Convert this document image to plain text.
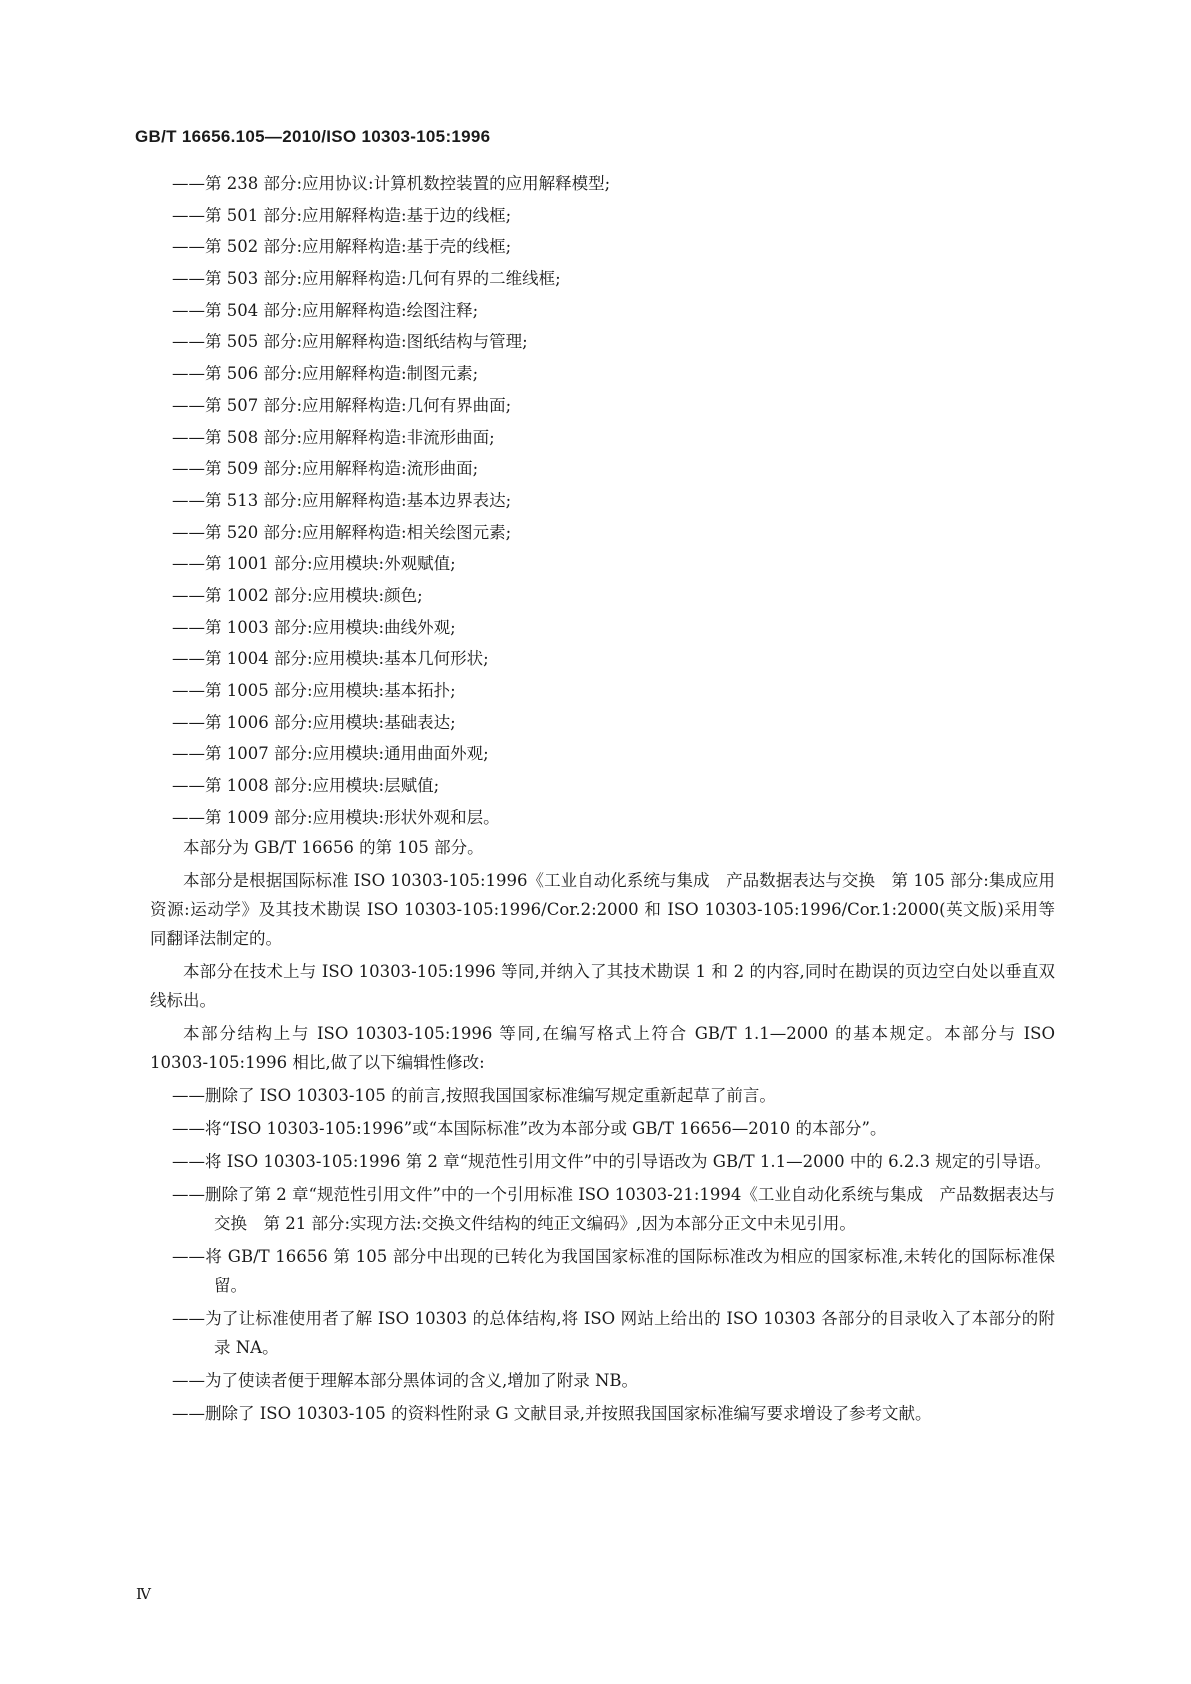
GB/T 16656.105—2010/ISO 10303-105:1996
——第 238 部分:应用协议:计算机数控装置的应用解释模型;
——第 501 部分:应用解释构造:基于边的线框;
——第 502 部分:应用解释构造:基于壳的线框;
——第 503 部分:应用解释构造:几何有界的二维线框;
——第 504 部分:应用解释构造:绘图注释;
——第 505 部分:应用解释构造:图纸结构与管理;
——第 506 部分:应用解释构造:制图元素;
——第 507 部分:应用解释构造:几何有界曲面;
——第 508 部分:应用解释构造:非流形曲面;
——第 509 部分:应用解释构造:流形曲面;
——第 513 部分:应用解释构造:基本边界表达;
——第 520 部分:应用解释构造:相关绘图元素;
——第 1001 部分:应用模块:外观赋值;
——第 1002 部分:应用模块:颜色;
——第 1003 部分:应用模块:曲线外观;
——第 1004 部分:应用模块:基本几何形状;
——第 1005 部分:应用模块:基本拓扑;
——第 1006 部分:应用模块:基础表达;
——第 1007 部分:应用模块:通用曲面外观;
——第 1008 部分:应用模块:层赋值;
——第 1009 部分:应用模块:形状外观和层。

本部分为 GB/T 16656 的第 105 部分。

本部分是根据国际标准 ISO 10303-105:1996《工业自动化系统与集成　产品数据表达与交换　第 105 部分:集成应用资源:运动学》及其技术勘误 ISO 10303-105:1996/Cor.2:2000 和 ISO 10303-105:1996/Cor.1:2000(英文版)采用等同翻译法制定的。

本部分在技术上与 ISO 10303-105:1996 等同,并纳入了其技术勘误 1 和 2 的内容,同时在勘误的页边空白处以垂直双线标出。

本部分结构上与 ISO 10303-105:1996 等同,在编写格式上符合 GB/T 1.1—2000 的基本规定。本部分与 ISO 10303-105:1996 相比,做了以下编辑性修改:

——删除了 ISO 10303-105 的前言,按照我国国家标准编写规定重新起草了前言。

——将“ISO 10303-105:1996”或“本国际标准”改为本部分或 GB/T 16656—2010 的本部分”。

——将 ISO 10303-105:1996 第 2 章“规范性引用文件”中的引导语改为 GB/T 1.1—2000 中的 6.2.3 规定的引导语。

——删除了第 2 章“规范性引用文件”中的一个引用标准 ISO 10303-21:1994《工业自动化系统与集成　产品数据表达与交换　第 21 部分:实现方法:交换文件结构的纯正文编码》,因为本部分正文中未见引用。

——将 GB/T 16656 第 105 部分中出现的已转化为我国国家标准的国际标准改为相应的国家标准,未转化的国际标准保留。

——为了让标准使用者了解 ISO 10303 的总体结构,将 ISO 网站上给出的 ISO 10303 各部分的目录收入了本部分的附录 NA。

——为了使读者便于理解本部分黑体词的含义,增加了附录 NB。

——删除了 ISO 10303-105 的资料性附录 G 文献目录,并按照我国国家标准编写要求增设了参考文献。

Ⅳ
